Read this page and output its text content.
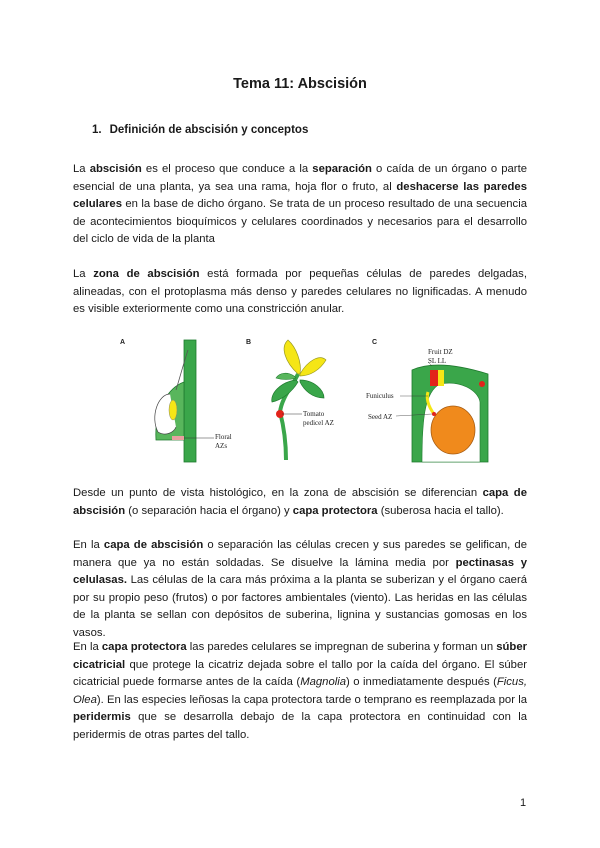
Tema 11: Abscisión
1. Definición de abscisión y conceptos

La abscisión es el proceso que conduce a la separación o caída de un órgano o parte esencial de una planta, ya sea una rama, hoja flor o fruto, al deshacerse las paredes celulares en la base de dicho órgano. Se trata de un proceso resultado de una secuencia de acontecimientos bioquímicos y celulares coordinados y necesarios para el desarrollo del ciclo de vida de la planta

La zona de abscisión está formada por pequeñas células de paredes delgadas, alineadas, con el protoplasma más denso y paredes celulares no lignificadas. A menudo es visible exteriormente como una constricción anular.

A
Floral
AZs
B
Tomato
pedicel AZ
C
Fruit DZ
SL LL
Funiculus
Seed AZ

Desde un punto de vista histológico, en la zona de abscisión se diferencian capa de abscisión (o separación hacia el órgano) y capa protectora (suberosa hacia el tallo).

En la capa de abscisión o separación las células crecen y sus paredes se gelifican, de manera que ya no están soldadas. Se disuelve la lámina media por pectinasas y celulasas. Las células de la cara más próxima a la planta se suberizan y el órgano caerá por su propio peso (frutos) o por factores ambientales (viento). Las heridas en las células de la planta se sellan con depósitos de suberina, lignina y sustancias gomosas en los vasos.

En la capa protectora las paredes celulares se impregnan de suberina y forman un súber cicatricial que protege la cicatriz dejada sobre el tallo por la caída del órgano. El súber cicatricial puede formarse antes de la caída (Magnolia) o inmediatamente después (Ficus, Olea). En las especies leñosas la capa protectora tarde o temprano es reemplazada por la peridermis que se desarrolla debajo de la capa protectora en continuidad con la peridermis de otras partes del tallo.

1
